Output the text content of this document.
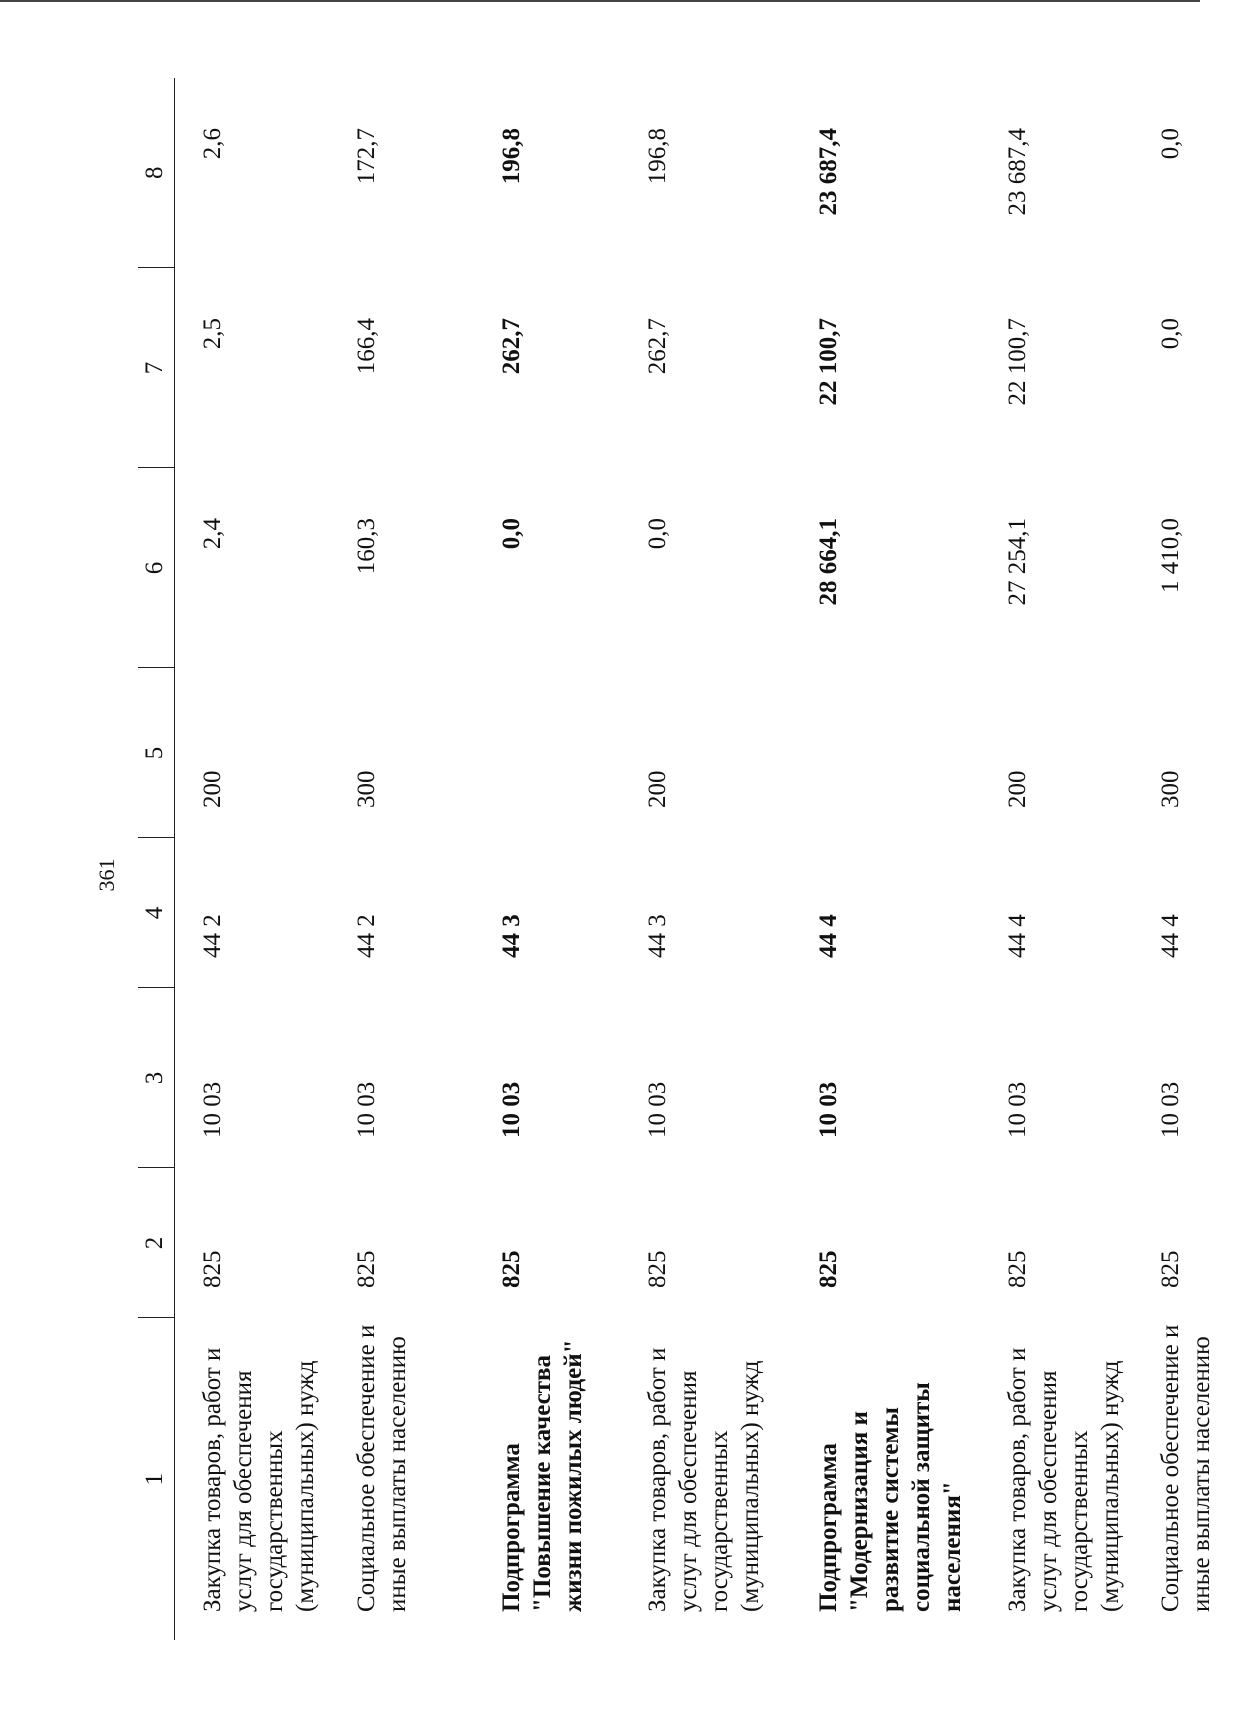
361
1	2	3	4	5	6	7	8
Закупка товаров, работ и услуг для обеспечения государственных (муниципальных) нужд	825	10 03	44 2	200	2,4	2,5	2,6
Социальное обеспечение и иные выплаты населению	825	10 03	44 2	300	160,3	166,4	172,7
Подпрограмма "Повышение качества жизни пожилых людей"	825	10 03	44 3		0,0	262,7	196,8
Закупка товаров, работ и услуг для обеспечения государственных (муниципальных) нужд	825	10 03	44 3	200	0,0	262,7	196,8
Подпрограмма "Модернизация и развитие системы социальной защиты населения"	825	10 03	44 4		28 664,1	22 100,7	23 687,4
Закупка товаров, работ и услуг для обеспечения государственных (муниципальных) нужд	825	10 03	44 4	200	27 254,1	22 100,7	23 687,4
Социальное обеспечение и иные выплаты населению	825	10 03	44 4	300	1 410,0	0,0	0,0
